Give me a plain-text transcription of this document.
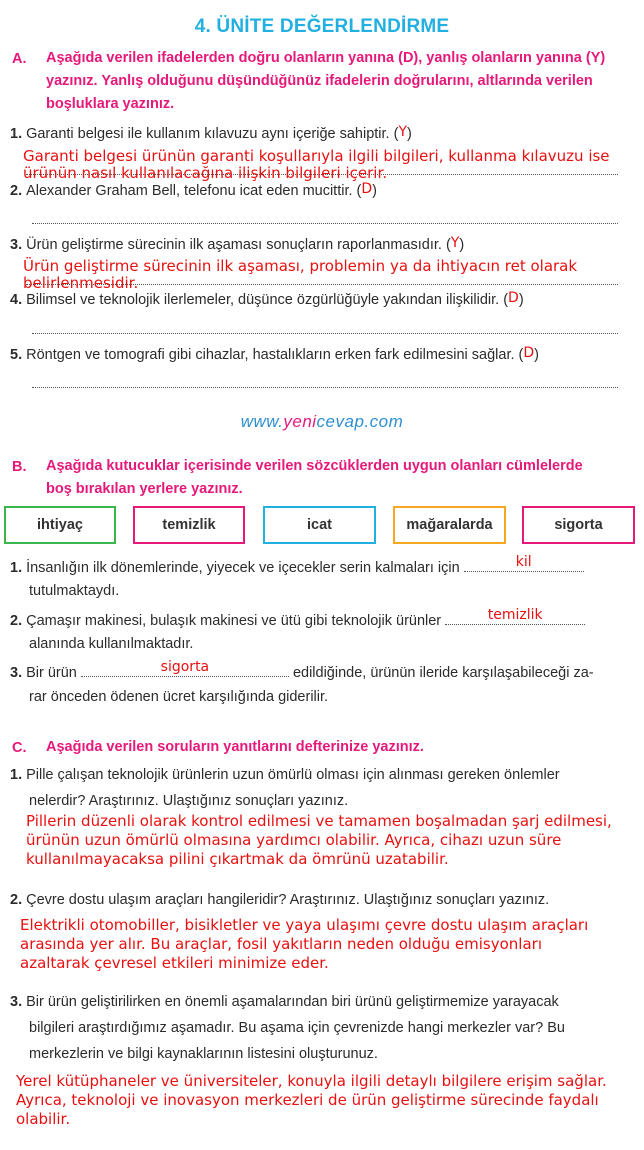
4. ÜNİTE DEĞERLENDİRME
A. Aşağıda verilen ifadelerden doğru olanların yanına (D), yanlış olanların yanına (Y)
yazınız. Yanlış olduğunu düşündüğünüz ifadelerin doğrularını, altlarında verilen
boşluklara yazınız.
1. Garanti belgesi ile kullanım kılavuzu aynı içeriğe sahiptir. (Y)
Garanti belgesi ürünün garanti koşullarıyla ilgili bilgileri, kullanma kılavuzu ise
ürünün nasıl kullanılacağına ilişkin bilgileri içerir.
2. Alexander Graham Bell, telefonu icat eden mucittir. (D)
3. Ürün geliştirme sürecinin ilk aşaması sonuçların raporlanmasıdır. (Y)
Ürün geliştirme sürecinin ilk aşaması, problemin ya da ihtiyacın ret olarak
belirlenmesidir.
4. Bilimsel ve teknolojik ilerlemeler, düşünce özgürlüğüyle yakından ilişkilidir. (D)
5. Röntgen ve tomografi gibi cihazlar, hastalıkların erken fark edilmesini sağlar. (D)
www.yenicevap.com
B. Aşağıda kutucuklar içerisinde verilen sözcüklerden uygun olanları cümlelerde
boş bırakılan yerlere yazınız.
ihtiyaç	temizlik	icat	mağaralarda	sigorta
1. İnsanlığın ilk dönemlerinde, yiyecek ve içecekler serin kalmaları için	kil
tutulmaktaydı.
2. Çamaşır makinesi, bulaşık makinesi ve ütü gibi teknolojik ürünler	temizlik
alanında kullanılmaktadır.
3. Bir ürün	sigorta	edildiğinde, ürünün ileride karşılaşabileceği za-
rar önceden ödenen ücret karşılığında giderilir.
C. Aşağıda verilen soruların yanıtlarını defterinize yazınız.
1. Pille çalışan teknolojik ürünlerin uzun ömürlü olması için alınması gereken önlemler
nelerdir? Araştırınız. Ulaştığınız sonuçları yazınız.
Pillerin düzenli olarak kontrol edilmesi ve tamamen boşalmadan şarj edilmesi,
ürünün uzun ömürlü olmasına yardımcı olabilir. Ayrıca, cihazı uzun süre
kullanılmayacaksa pilini çıkartmak da ömrünü uzatabilir.
2. Çevre dostu ulaşım araçları hangileridir? Araştırınız. Ulaştığınız sonuçları yazınız.
Elektrikli otomobiller, bisikletler ve yaya ulaşımı çevre dostu ulaşım araçları
arasında yer alır. Bu araçlar, fosil yakıtların neden olduğu emisyonları
azaltarak çevresel etkileri minimize eder.
3. Bir ürün geliştirilirken en önemli aşamalarından biri ürünü geliştirmemize yarayacak
bilgileri araştırdığımız aşamadır. Bu aşama için çevrenizde hangi merkezler var? Bu
merkezlerin ve bilgi kaynaklarının listesini oluşturunuz.
Yerel kütüphaneler ve üniversiteler, konuyla ilgili detaylı bilgilere erişim sağlar.
Ayrıca, teknoloji ve inovasyon merkezleri de ürün geliştirme sürecinde faydalı
olabilir.
